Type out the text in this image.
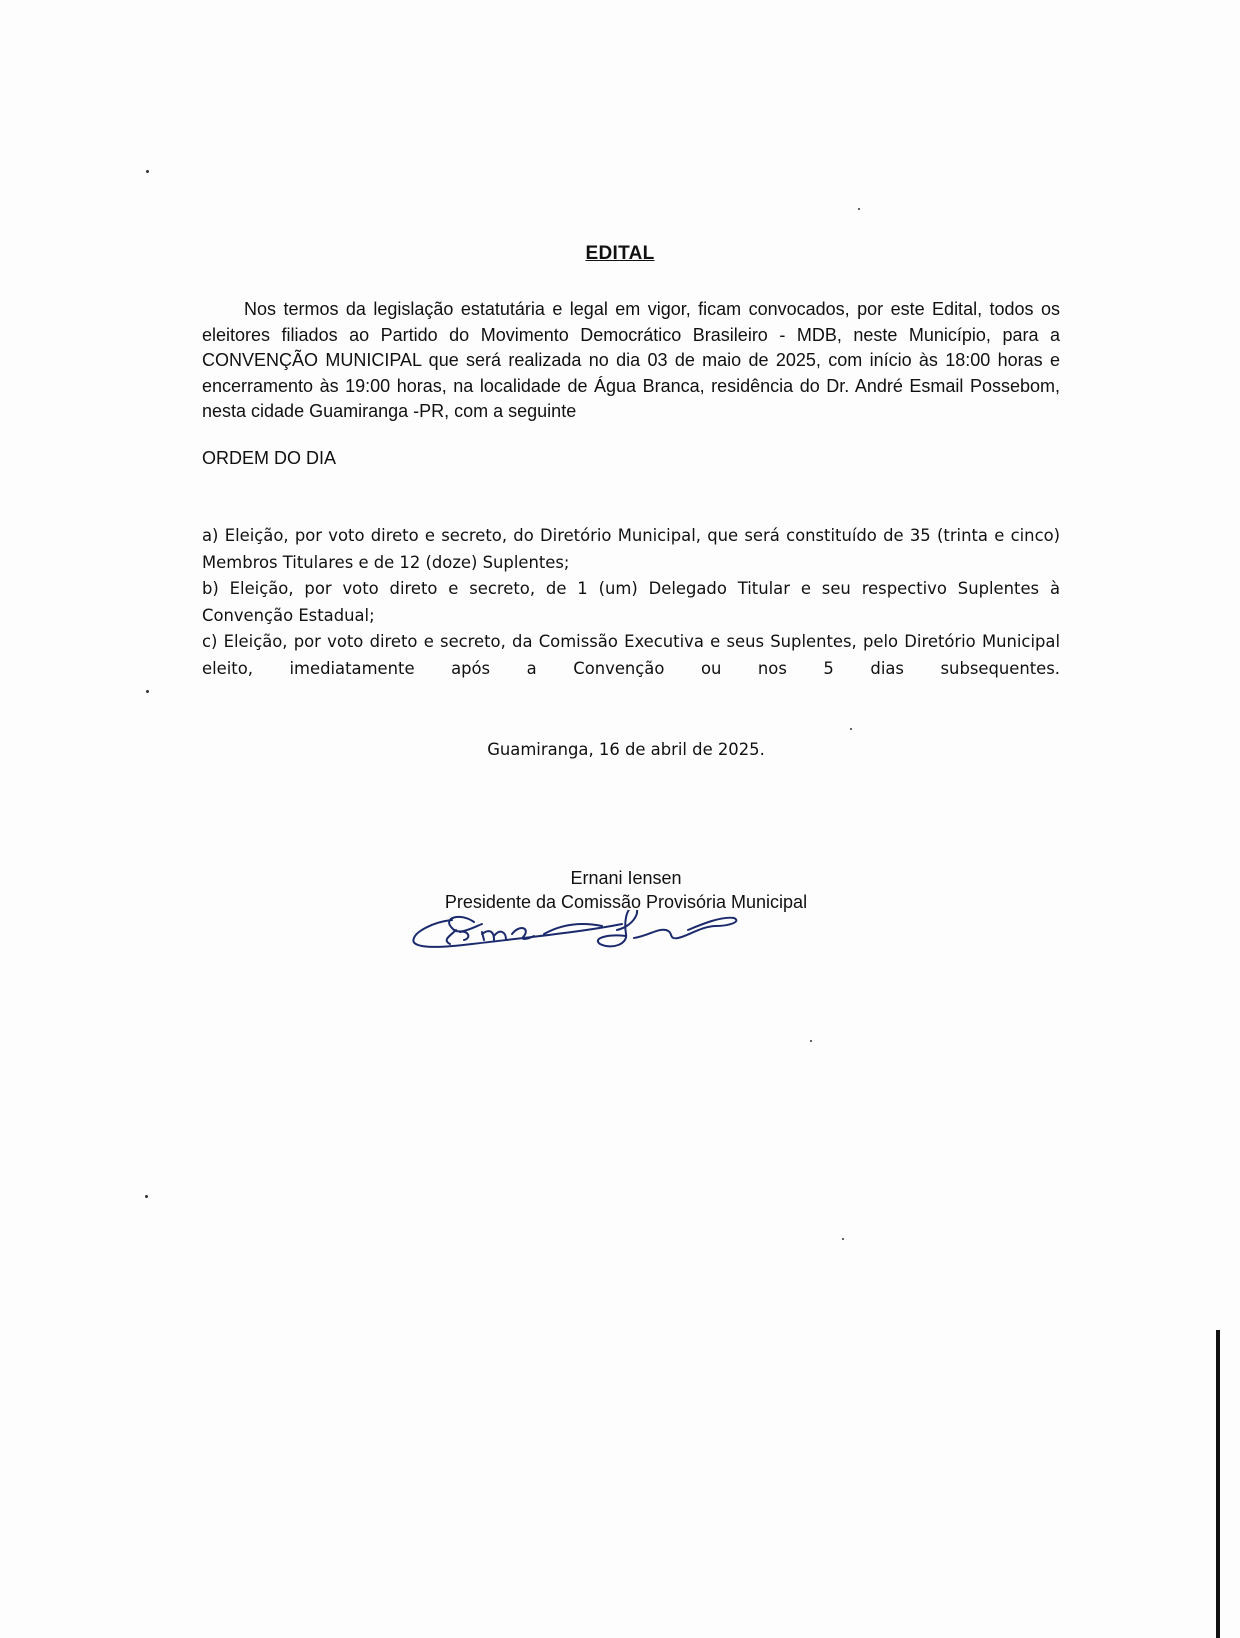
EDITAL

Nos termos da legislação estatutária e legal em vigor, ficam convocados, por este Edital, todos os eleitores filiados ao Partido do Movimento Democrático Brasileiro - MDB, neste Município, para a CONVENÇÃO MUNICIPAL que será realizada no dia 03 de maio de 2025, com início às 18:00 horas e encerramento às 19:00 horas, na localidade de Água Branca, residência do Dr. André Esmail Possebom, nesta cidade Guamiranga -PR, com a seguinte

ORDEM DO DIA

a) Eleição, por voto direto e secreto, do Diretório Municipal, que será constituído de 35 (trinta e cinco) Membros Titulares e de 12 (doze) Suplentes;
b) Eleição, por voto direto e secreto, de 1 (um) Delegado Titular e seu respectivo Suplentes à Convenção Estadual;
c) Eleição, por voto direto e secreto, da Comissão Executiva e seus Suplentes, pelo Diretório Municipal eleito, imediatamente após a Convenção ou nos 5 dias subsequentes.
Guamiranga, 16 de abril de 2025.
Ernani Iensen
Presidente da Comissão Provisória Municipal
